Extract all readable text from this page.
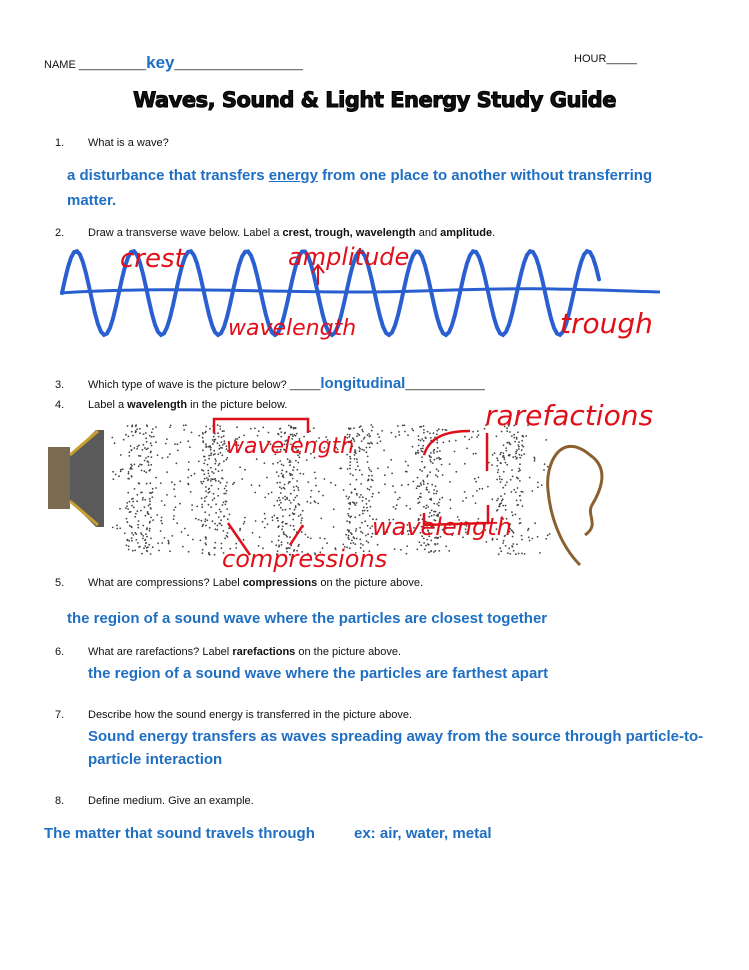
NAME ___________key_____________________	HOUR_____
Waves, Sound & Light Energy Study Guide
1. What is a wave?
a disturbance that transfers energy from one place to another without transferring
matter.
2. Draw a transverse wave below. Label a crest, trough, wavelength and amplitude.
crest	amplitude
wavelength	trough
3. Which type of wave is the picture below? _____longitudinal_____________
4. Label a wavelength in the picture below.
wavelength
rarefactions
wavelength
compressions
5. What are compressions? Label compressions on the picture above.
the region of a sound wave where the particles are closest together
6. What are rarefactions? Label rarefactions on the picture above.
the region of a sound wave where the particles are farthest apart
7. Describe how the sound energy is transferred in the picture above.
Sound energy transfers as waves spreading away from the source through particle-to-
particle interaction
8. Define medium. Give an example.
The matter that sound travels through	ex: air, water, metal
